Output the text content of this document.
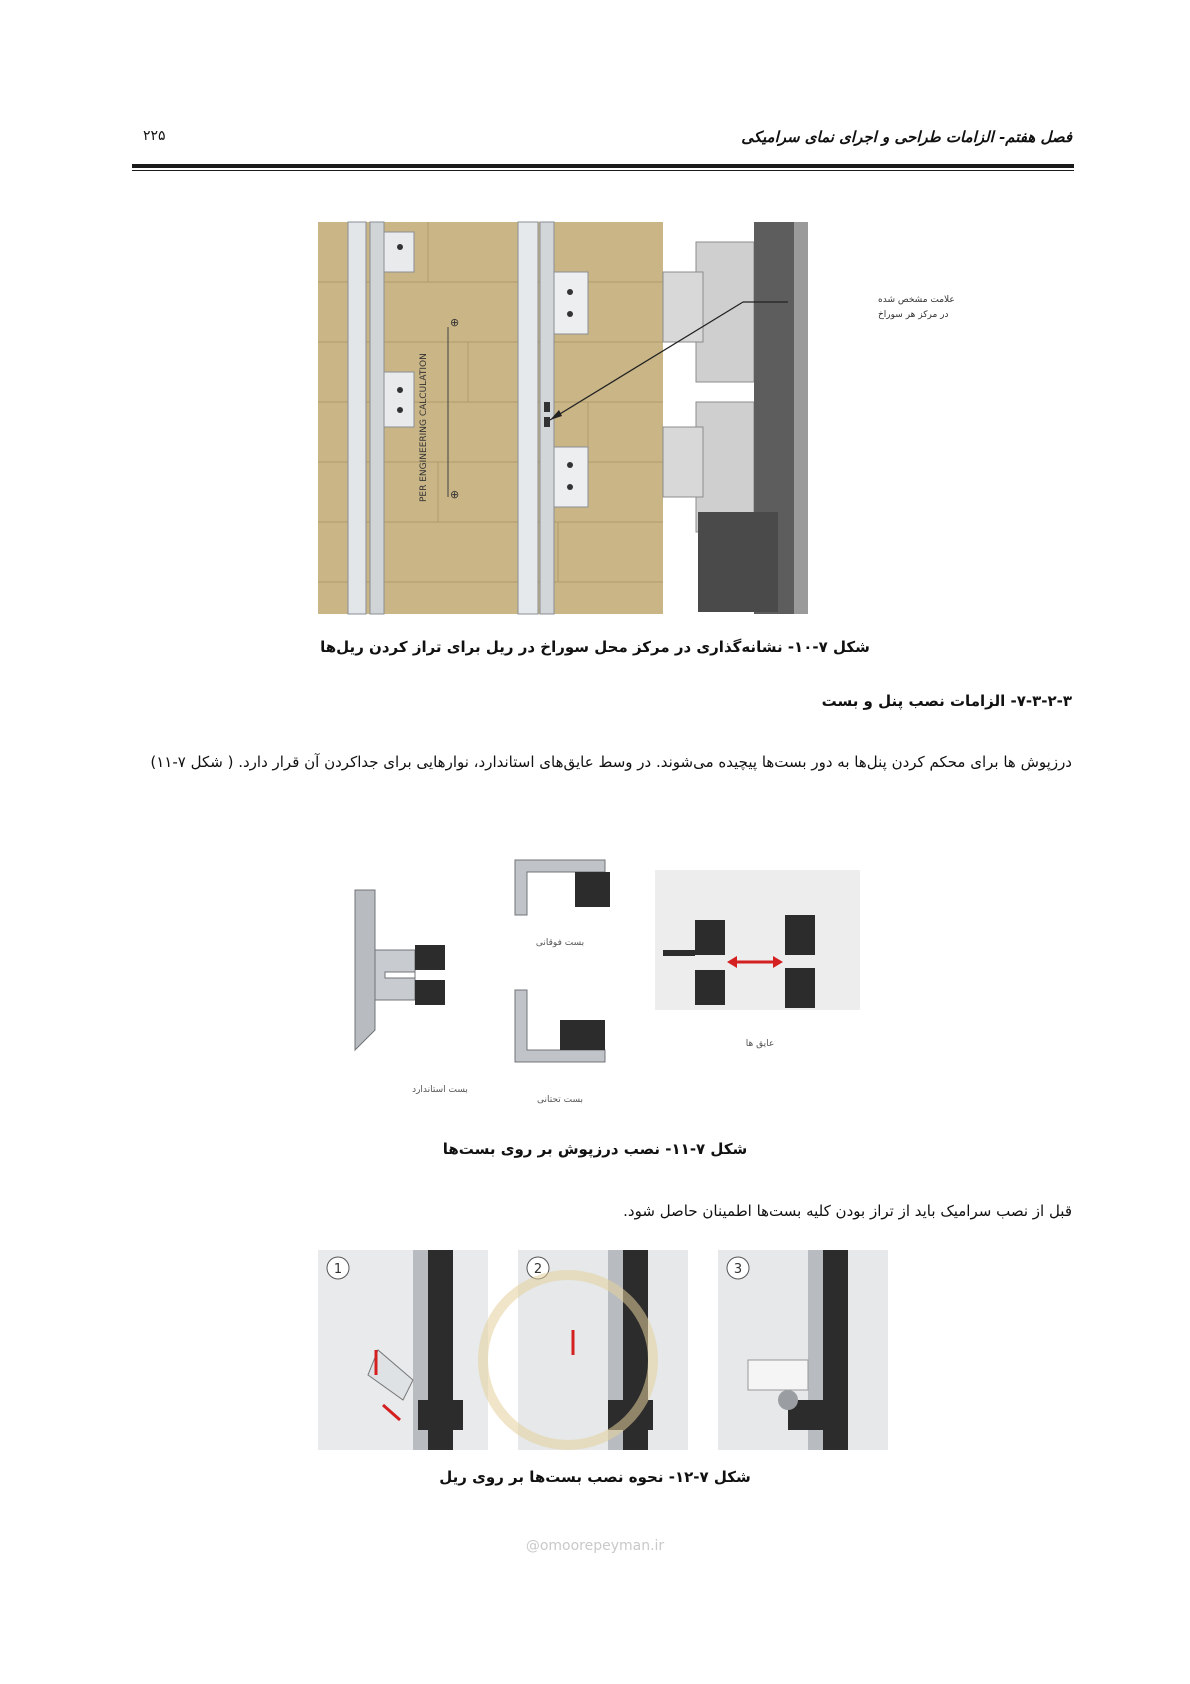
فصل هفتم- الزامات طراحی و اجرای نمای سرامیکی
۲۲۵
PER ENGINEERING CALCULATION
⊕
⊕
علامت مشخص شده
در مرکز هر سوراخ
شکل ۷-۱۰- نشانه‌گذاری در مرکز محل سوراخ در ریل برای تراز کردن ریل‌ها
۷-۳-۲-۳- الزامات نصب پنل و بست
درزپوش ها برای محکم کردن پنل‌ها به دور بست‌ها پیچیده می‌شوند. در وسط عایق‌های استاندارد، نوارهایی برای جداکردن آن قرار دارد. ( شکل ۷-۱۱)
بست استاندارد
بست فوقانی
بست تحتانی
عایق ها
شکل ۷-۱۱- نصب درزپوش بر روی بست‌ها
قبل از نصب سرامیک باید از تراز بودن کلیه بست‌ها اطمینان حاصل شود.
1	2	3
شکل ۷-۱۲- نحوه نصب بست‌ها بر روی ریل
@omoorepeyman.ir
